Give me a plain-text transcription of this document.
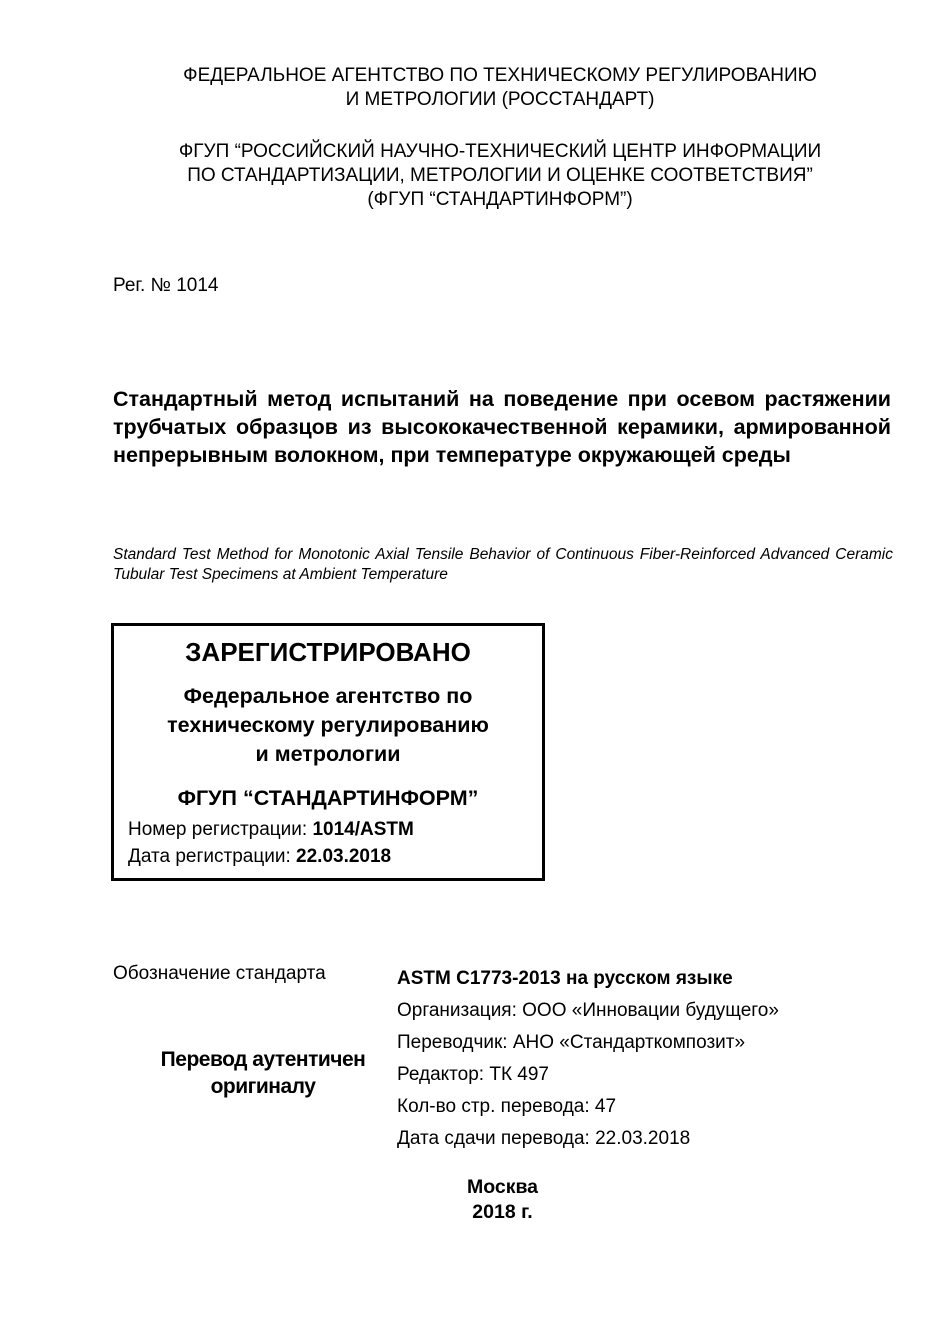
ФЕДЕРАЛЬНОЕ АГЕНТСТВО ПО ТЕХНИЧЕСКОМУ РЕГУЛИРОВАНИЮ
И МЕТРОЛОГИИ (РОССТАНДАРТ)
ФГУП “РОССИЙСКИЙ НАУЧНО-ТЕХНИЧЕСКИЙ ЦЕНТР ИНФОРМАЦИИ
ПО СТАНДАРТИЗАЦИИ, МЕТРОЛОГИИ И ОЦЕНКЕ СООТВЕТСТВИЯ”
(ФГУП “СТАНДАРТИНФОРМ”)
Рег. № 1014
Стандартный метод испытаний на поведение при осевом растяжении трубчатых образцов из высококачественной керамики, армированной непрерывным волокном, при температуре окружающей среды
Standard Test Method for Monotonic Axial Tensile Behavior of Continuous Fiber-Reinforced Advanced Ceramic Tubular Test Specimens at Ambient Temperature
ЗАРЕГИСТРИРОВАНО
Федеральное агентство по
техническому регулированию
и метрологии
ФГУП “СТАНДАРТИНФОРМ”
Номер регистрации: 1014/ASTM
Дата регистрации: 22.03.2018
Обозначение стандарта
Перевод аутентичен
оригиналу
ASTM C1773-2013 на русском языке
Организация: ООО «Инновации будущего»
Переводчик: АНО «Стандарткомпозит»
Редактор: ТК 497
Кол-во стр. перевода: 47
Дата сдачи перевода: 22.03.2018
Москва
2018 г.
